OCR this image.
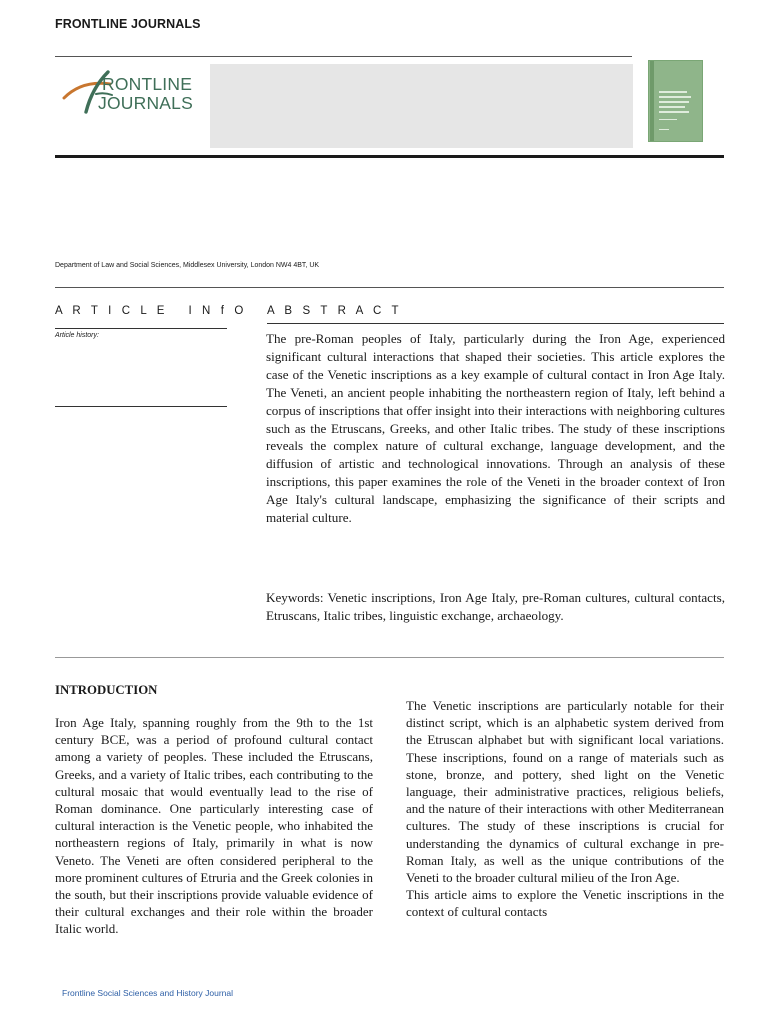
FRONTLINE JOURNALS
RONTLINE
JOURNALS
Department of Law and Social Sciences, Middlesex University, London NW4 4BT, UK
A R T I C L E   I N f O
Article history:
A B S T R A C T
The pre-Roman peoples of Italy, particularly during the Iron Age, experienced significant cultural interactions that shaped their societies. This article explores the case of the Venetic inscriptions as a key example of cultural contact in Iron Age Italy. The Veneti, an ancient people inhabiting the northeastern region of Italy, left behind a corpus of inscriptions that offer insight into their interactions with neighboring cultures such as the Etruscans, Greeks, and other Italic tribes. The study of these inscriptions reveals the complex nature of cultural exchange, language development, and the diffusion of artistic and technological innovations. Through an analysis of these inscriptions, this paper examines the role of the Veneti in the broader context of Iron Age Italy's cultural landscape, emphasizing the significance of their scripts and material culture.
Keywords: Venetic inscriptions, Iron Age Italy, pre-Roman cultures, cultural contacts, Etruscans, Italic tribes, linguistic exchange, archaeology.
INTRODUCTION

Iron Age Italy, spanning roughly from the 9th to the 1st century BCE, was a period of profound cultural contact among a variety of peoples. These included the Etruscans, Greeks, and a variety of Italic tribes, each contributing to the cultural mosaic that would eventually lead to the rise of Roman dominance. One particularly interesting case of cultural interaction is the Venetic people, who inhabited the northeastern regions of Italy, primarily in what is now Veneto. The Veneti are often considered peripheral to the more prominent cultures of Etruria and the Greek colonies in the south, but their inscriptions provide valuable evidence of their cultural exchanges and their role within the broader Italic world.

The Venetic inscriptions are particularly notable for their distinct script, which is an alphabetic system derived from the Etruscan alphabet but with significant local variations. These inscriptions, found on a range of materials such as stone, bronze, and pottery, shed light on the Venetic language, their administrative practices, religious beliefs, and the nature of their interactions with other Mediterranean cultures. The study of these inscriptions is crucial for understanding the dynamics of cultural exchange in pre-Roman Italy, as well as the unique contributions of the Veneti to the broader cultural milieu of the Iron Age.

This article aims to explore the Venetic inscriptions in the context of cultural contacts

Frontline Social Sciences and History Journal
